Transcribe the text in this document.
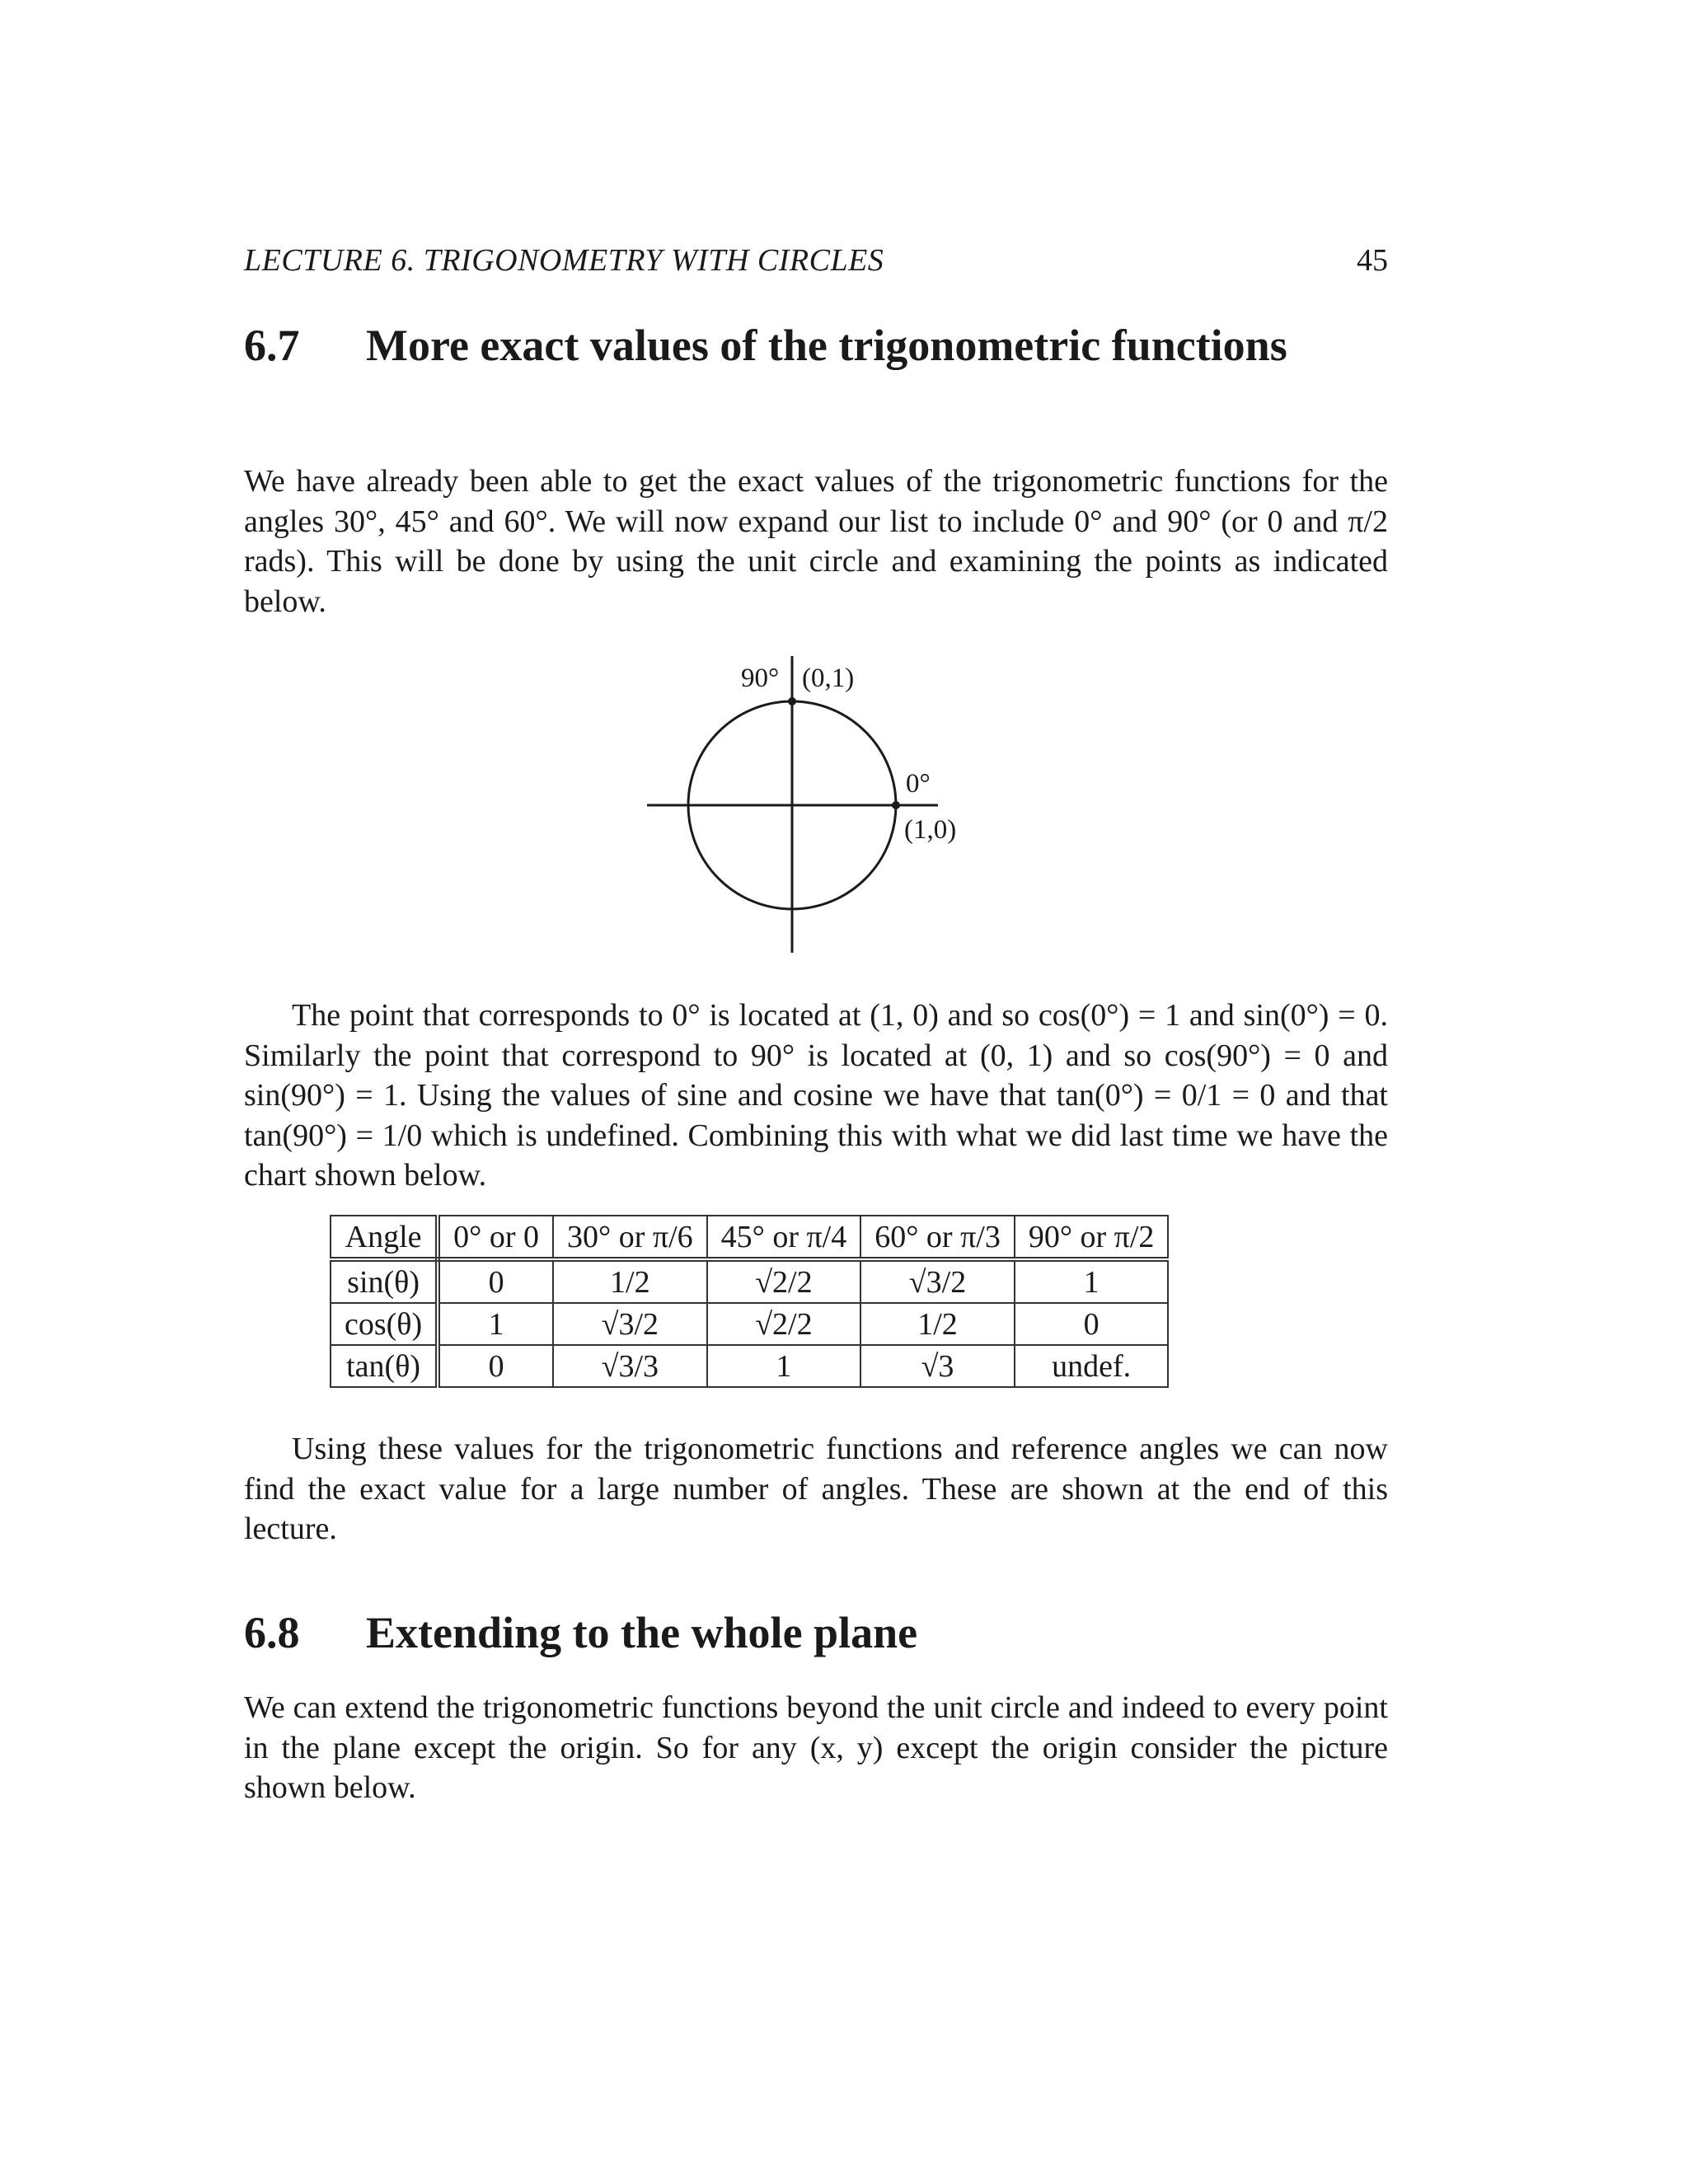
LECTURE 6. TRIGONOMETRY WITH CIRCLES	45
6.7 More exact values of the trigonometric functions

We have already been able to get the exact values of the trigonometric functions for the angles 30°, 45° and 60°. We will now expand our list to include 0° and 90° (or 0 and π/2 rads). This will be done by using the unit circle and examining the points as indicated below.

90° (0,1)
0°
(1,0)

The point that corresponds to 0° is located at (1, 0) and so cos(0°) = 1 and sin(0°) = 0. Similarly the point that correspond to 90° is located at (0, 1) and so cos(90°) = 0 and sin(90°) = 1. Using the values of sine and cosine we have that tan(0°) = 0/1 = 0 and that tan(90°) = 1/0 which is undefined. Combining this with what we did last time we have the chart shown below.

Angle	0° or 0	30° or π/6	45° or π/4	60° or π/3	90° or π/2
sin(θ)	0	1/2	√2/2	√3/2	1
cos(θ)	1	√3/2	√2/2	1/2	0
tan(θ)	0	√3/3	1	√3	undef.

Using these values for the trigonometric functions and reference angles we can now find the exact value for a large number of angles. These are shown at the end of this lecture.

6.8 Extending to the whole plane

We can extend the trigonometric functions beyond the unit circle and indeed to every point in the plane except the origin. So for any (x, y) except the origin consider the picture shown below.
